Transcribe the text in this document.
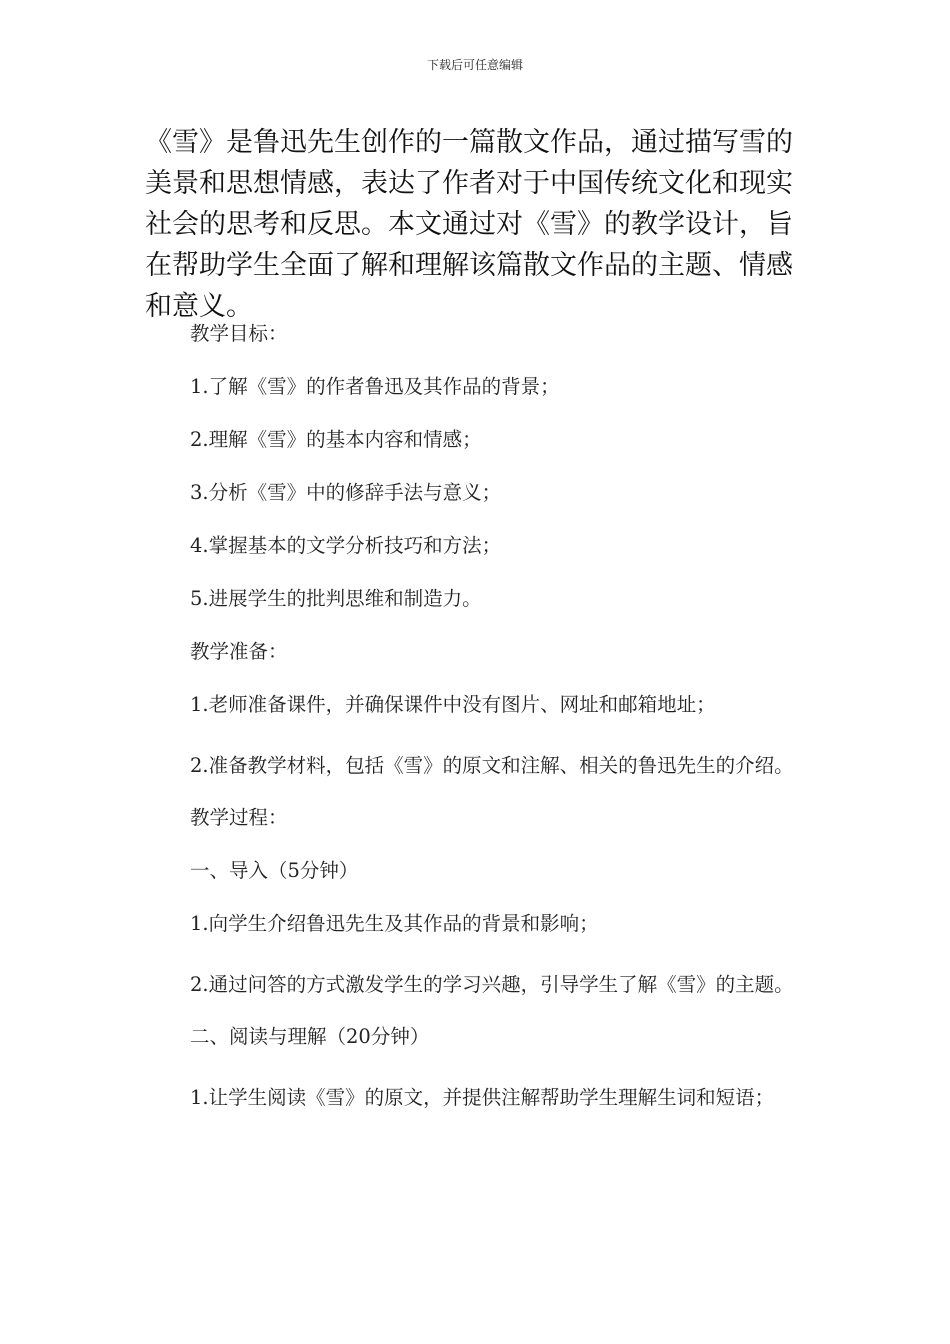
下载后可任意编辑

《雪》是鲁迅先生创作的一篇散文作品，通过描写雪的美景和思想情感，表达了作者对于中国传统文化和现实社会的思考和反思。本文通过对《雪》的教学设计，旨在帮助学生全面了解和理解该篇散文作品的主题、情感和意义。

教学目标：

1.了解《雪》的作者鲁迅及其作品的背景；

2.理解《雪》的基本内容和情感；

3.分析《雪》中的修辞手法与意义；

4.掌握基本的文学分析技巧和方法；

5.进展学生的批判思维和制造力。

教学准备：

1.老师准备课件，并确保课件中没有图片、网址和邮箱地址；

2.准备教学材料，包括《雪》的原文和注解、相关的鲁迅先生的介绍。

教学过程：

一、导入（5分钟）

1.向学生介绍鲁迅先生及其作品的背景和影响；

2.通过问答的方式激发学生的学习兴趣，引导学生了解《雪》的主题。

二、阅读与理解（20分钟）

1.让学生阅读《雪》的原文，并提供注解帮助学生理解生词和短语；
